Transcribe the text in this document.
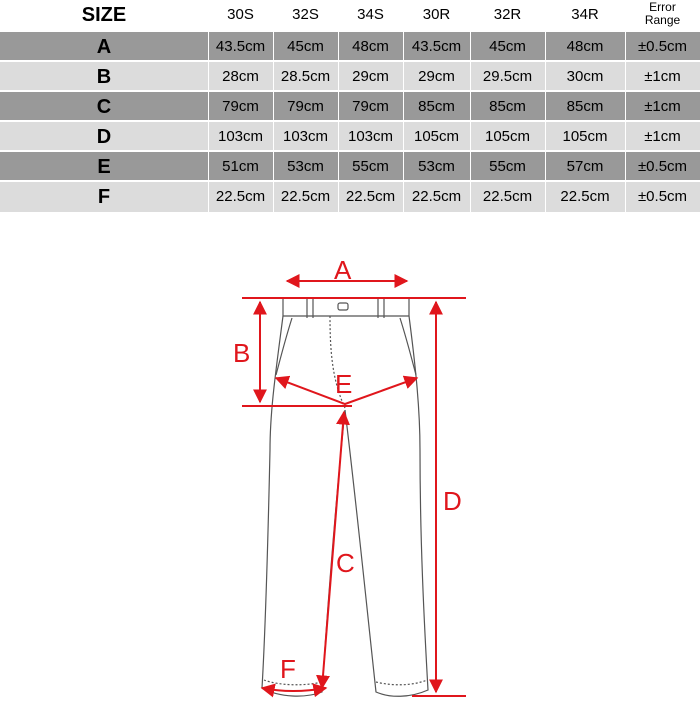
SIZE	30S	32S	34S	30R	32R	34R	Error
Range
A	43.5cm	45cm	48cm	43.5cm	45cm	48cm	±0.5cm
B	28cm	28.5cm	29cm	29cm	29.5cm	30cm	±1cm
C	79cm	79cm	79cm	85cm	85cm	85cm	±1cm
D	103cm	103cm	103cm	105cm	105cm	105cm	±1cm
E	51cm	53cm	55cm	53cm	55cm	57cm	±0.5cm
F	22.5cm	22.5cm	22.5cm	22.5cm	22.5cm	22.5cm	±0.5cm
A
B
E
D
C
F
